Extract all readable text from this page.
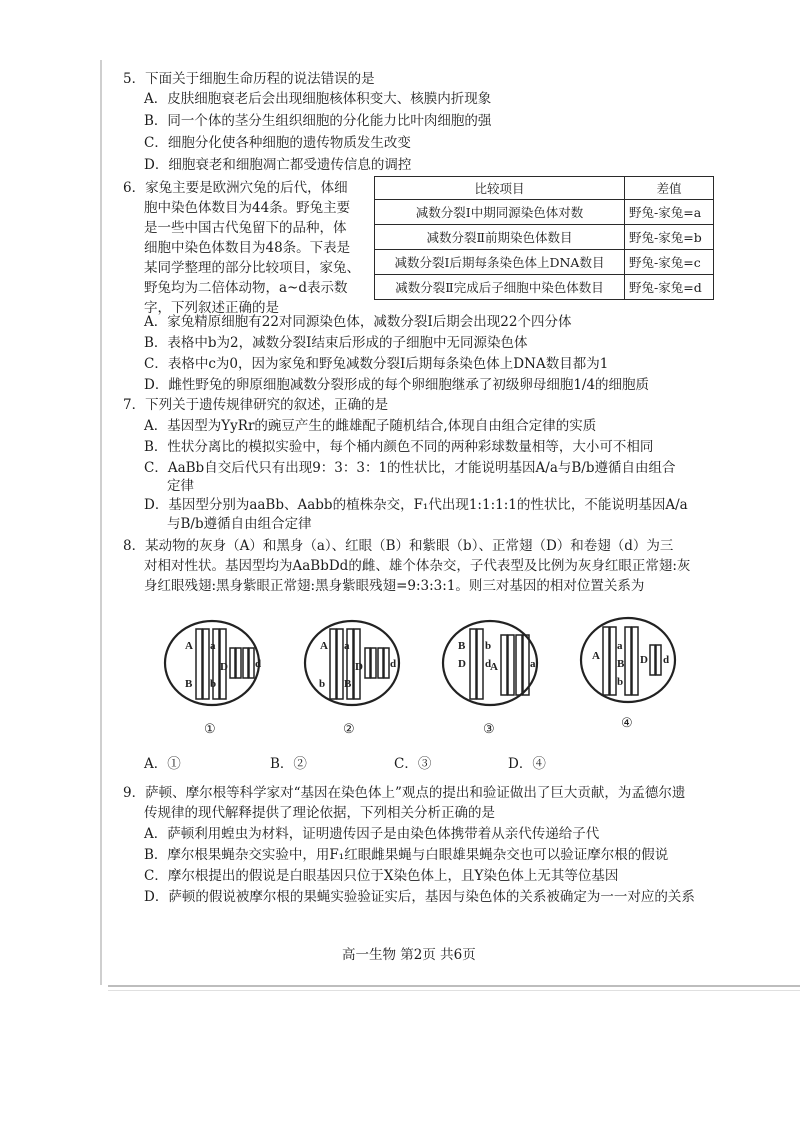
5．下面关于细胞生命历程的说法错误的是
A．皮肤细胞衰老后会出现细胞核体积变大、核膜内折现象
B．同一个体的茎分生组织细胞的分化能力比叶肉细胞的强
C．细胞分化使各种细胞的遗传物质发生改变
D．细胞衰老和细胞凋亡都受遗传信息的调控
6．家兔主要是欧洲穴兔的后代，体细
胞中染色体数目为44条。野兔主要
是一些中国古代兔留下的品种，体
细胞中染色体数目为48条。下表是
某同学整理的部分比较项目，家兔、
野兔均为二倍体动物，a~d表示数
字，下列叙述正确的是
比较项目	差值
减数分裂Ⅰ中期同源染色体对数	野兔-家兔=a
减数分裂Ⅱ前期染色体数目	野兔-家兔=b
减数分裂Ⅰ后期每条染色体上DNA数目	野兔-家兔=c
减数分裂Ⅱ完成后子细胞中染色体数目	野兔-家兔=d
A．家兔精原细胞有22对同源染色体，减数分裂Ⅰ后期会出现22个四分体
B．表格中b为2，减数分裂Ⅰ结束后形成的子细胞中无同源染色体
C．表格中c为0，因为家兔和野兔减数分裂Ⅰ后期每条染色体上DNA数目都为1
D．雌性野兔的卵原细胞减数分裂形成的每个卵细胞继承了初级卵母细胞1/4的细胞质
7．下列关于遗传规律研究的叙述，正确的是
A．基因型为YyRr的豌豆产生的雌雄配子随机结合,体现自由组合定律的实质
B．性状分离比的模拟实验中，每个桶内颜色不同的两种彩球数量相等，大小可不相同
C．AaBb自交后代只有出现9：3：3：1的性状比，才能说明基因A/a与B/b遵循自由组合
定律
D．基因型分别为aaBb、Aabb的植株杂交，F₁代出现1:1:1:1的性状比，不能说明基因A/a
与B/b遵循自由组合定律
8．某动物的灰身（A）和黑身（a）、红眼（B）和紫眼（b）、正常翅（D）和卷翅（d）为三
对相对性状。基因型均为AaBbDd的雌、雄个体杂交，子代表型及比例为灰身红眼正常翅:灰
身红眼残翅:黑身紫眼正常翅:黑身紫眼残翅=9:3:3:1。则三对基因的相对位置关系为
A a
B b
D d
①
A a
b B
D d
②
B
D
b
d
A	a
③
A
a
B
b
D d
④
A．①	B．②	C．③	D．④
9．萨顿、摩尔根等科学家对“基因在染色体上”观点的提出和验证做出了巨大贡献，为孟德尔遗
传规律的现代解释提供了理论依据，下列相关分析正确的是
A．萨顿利用蝗虫为材料，证明遗传因子是由染色体携带着从亲代传递给子代
B．摩尔根果蝇杂交实验中，用F₁红眼雌果蝇与白眼雄果蝇杂交也可以验证摩尔根的假说
C．摩尔根提出的假说是白眼基因只位于X染色体上，且Y染色体上无其等位基因
D．萨顿的假说被摩尔根的果蝇实验验证实后，基因与染色体的关系被确定为一一对应的关系
高一生物 第2页 共6页
